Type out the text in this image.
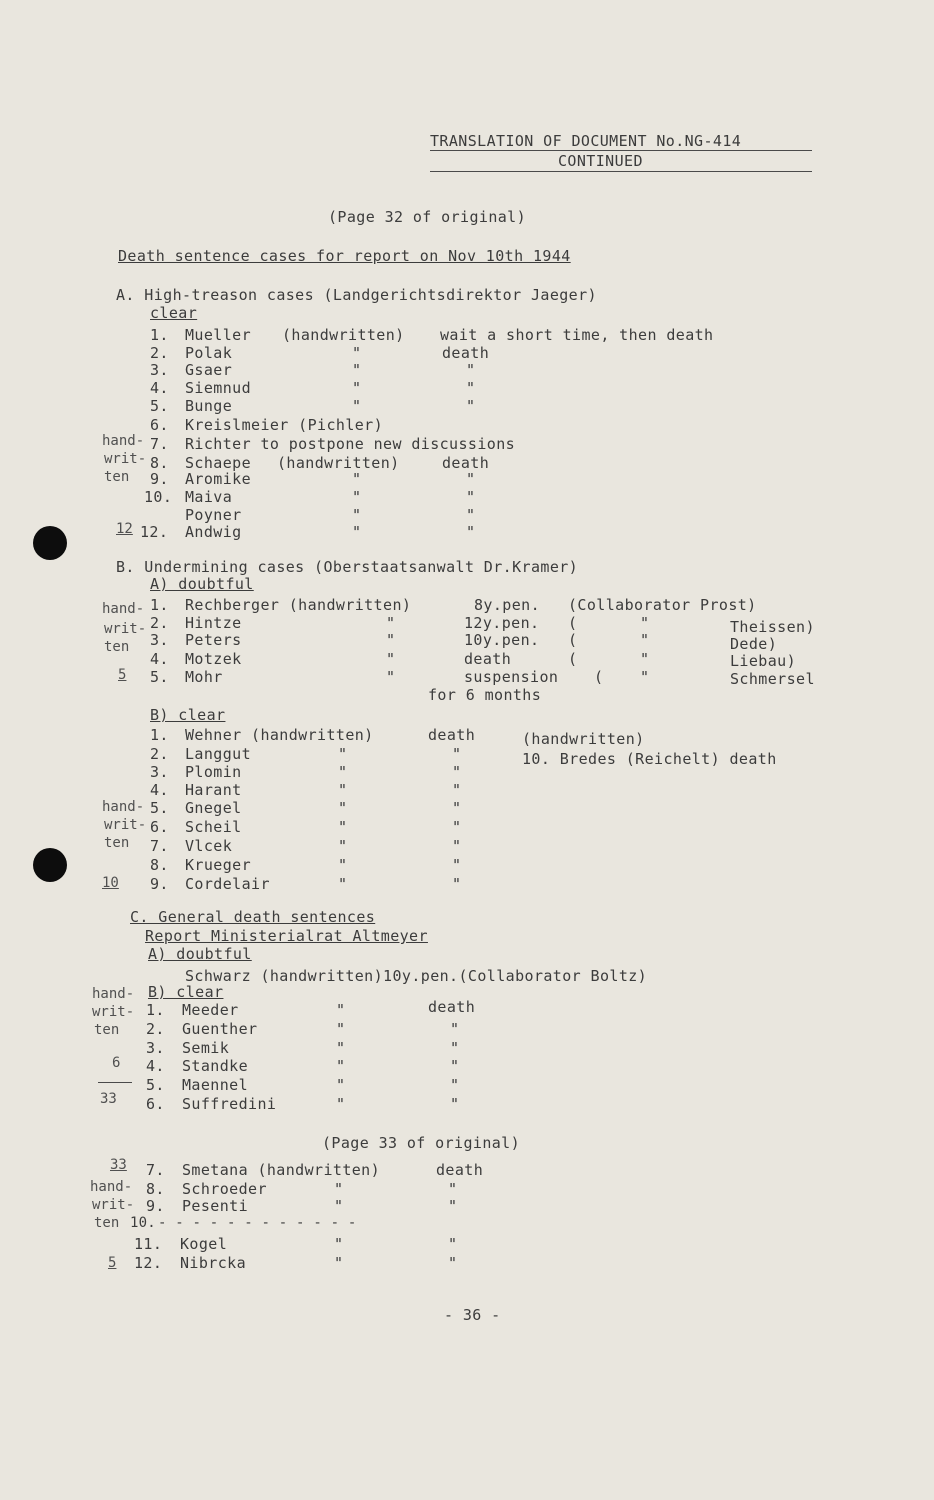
TRANSLATION OF DOCUMENT No.NG-414
CONTINUED
(Page 32 of original)
Death sentence cases for report on Nov 10th 1944
A. High-treason cases (Landgerichtsdirektor Jaeger)
clear
1. Mueller (handwritten) wait a short time, then death
2. Polak	"	death
3. Gsaer	"	"
4. Siemnud	"	"
5. Bunge	"	"
6. Kreislmeier (Pichler)
7. Richter to postpone new discussions
8. Schaepe (handwritten)	death
9. Aromike	"	"
10. Maiva	"	"
Poyner	"	"
12. Andwig	"	"
hand-
writ-
ten
12
B. Undermining cases (Oberstaatsanwalt Dr.Kramer)
A) doubtful
1. Rechberger (handwritten)	8y.pen. (Collaborator Prost)
2. Hintze	"	12y.pen. (	"	Theissen)
3. Peters	"	10y.pen. (	"	Dede)
4. Motzek	"	death	(	"	Liebau)
5. Mohr	"	suspension ( "	Schmersel
for 6 months
hand-
writ-
ten
5
B) clear
1. Wehner (handwritten)	death
2. Langgut	"	"
3. Plomin	"	"
4. Harant	"	"
5. Gnegel	"	"
6. Scheil	"	"
7. Vlcek	"	"
8. Krueger	"	"
9. Cordelair	"	"
(handwritten)
10. Bredes (Reichelt) death
hand-
writ-
ten
10
C. General death sentences
Report Ministerialrat Altmeyer
A) doubtful
Schwarz (handwritten)10y.pen.(Collaborator Boltz)
B) clear
1. Meeder	"	death
2. Guenther	"	"
3. Semik	"	"
4. Standke	"	"
5. Maennel	"	"
6. Suffredini	"	"
hand-
writ-
ten
6
33
(Page 33 of original)
7. Smetana (handwritten)	death
8. Schroeder	"	"
9. Pesenti	"	"
10. - - - - - - - - - - - -
11. Kogel	"	"
12. Nibrcka	"	"
33
hand-
writ-
ten
5
- 36 -
